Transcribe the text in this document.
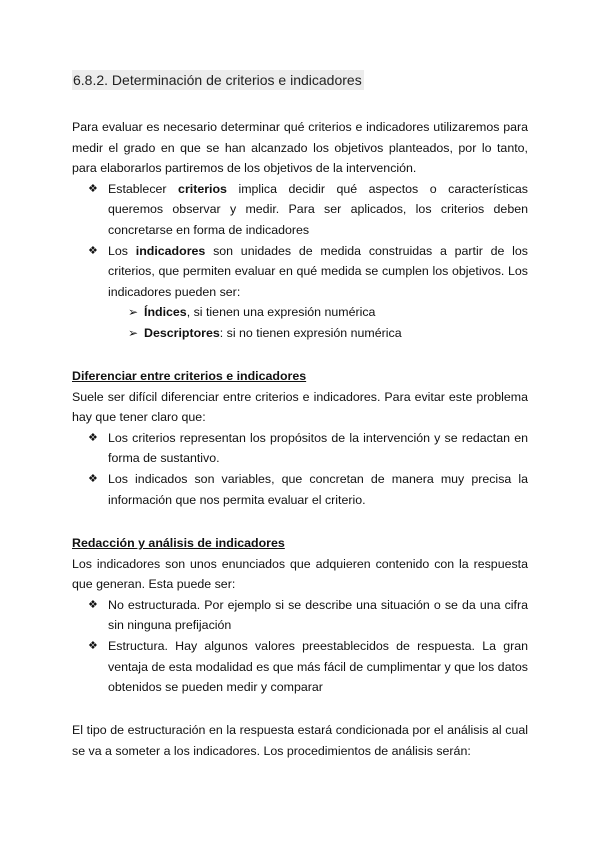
6.8.2. Determinación de criterios e indicadores

Para evaluar es necesario determinar qué criterios e indicadores utilizaremos para medir el grado en que se han alcanzado los objetivos planteados, por lo tanto, para elaborarlos partiremos de los objetivos de la intervención.

❖ Establecer criterios implica decidir qué aspectos o características queremos observar y medir. Para ser aplicados, los criterios deben concretarse en forma de indicadores
❖ Los indicadores son unidades de medida construidas a partir de los criterios, que permiten evaluar en qué medida se cumplen los objetivos. Los indicadores pueden ser:
➢ Índices, si tienen una expresión numérica
➢ Descriptores: si no tienen expresión numérica
Diferenciar entre criterios e indicadores

Suele ser difícil diferenciar entre criterios e indicadores. Para evitar este problema hay que tener claro que:

❖ Los criterios representan los propósitos de la intervención y se redactan en forma de sustantivo.
❖ Los indicados son variables, que concretan de manera muy precisa la información que nos permita evaluar el criterio.
Redacción y análisis de indicadores

Los indicadores son unos enunciados que adquieren contenido con la respuesta que generan. Esta puede ser:

❖ No estructurada. Por ejemplo si se describe una situación o se da una cifra sin ninguna prefijación
❖ Estructura. Hay algunos valores preestablecidos de respuesta. La gran ventaja de esta modalidad es que más fácil de cumplimentar y que los datos obtenidos se pueden medir y comparar

El tipo de estructuración en la respuesta estará condicionada por el análisis al cual se va a someter a los indicadores. Los procedimientos de análisis serán:
